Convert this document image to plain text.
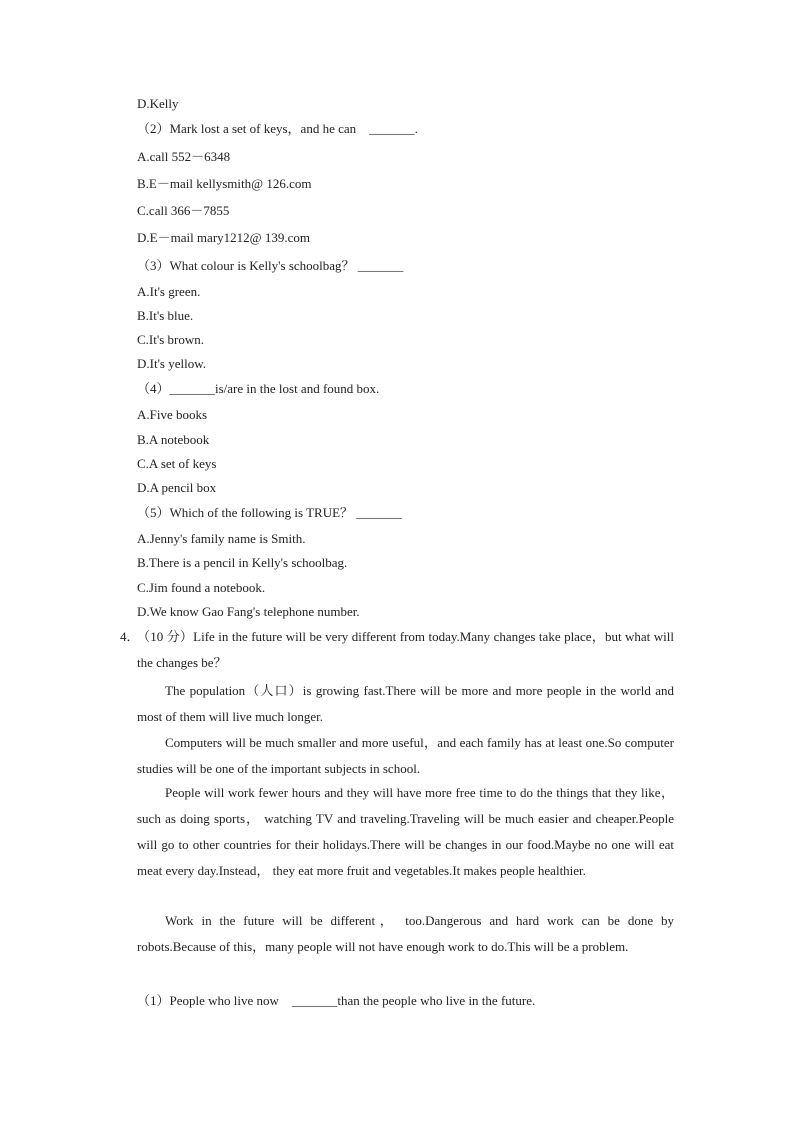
D.Kelly
（2）Mark lost a set of keys，and he can　_______.
A.call 552－6348
B.E－mail kellysmith@ 126.com
C.call 366－7855
D.E－mail mary1212@ 139.com
（3）What colour is Kelly's schoolbag？ _______
A.It's green.
B.It's blue.
C.It's brown.
D.It's yellow.
（4）_______is/are in the lost and found box.
A.Five books
B.A notebook
C.A set of keys
D.A pencil box
（5）Which of the following is TRUE？ _______
A.Jenny's family name is Smith.
B.There is a pencil in Kelly's schoolbag.
C.Jim found a notebook.
D.We know Gao Fang's telephone number.
4．
（10 分）Life in the future will be very different from today.Many changes take place，but what will the changes be？
The population（人口）is growing fast.There will be more and more people in the world and most of them will live much longer.
Computers will be much smaller and more useful，and each family has at least one.So computer studies will be one of the important subjects in school.
People will work fewer hours and they will have more free time to do the things that they like， such as doing sports， watching TV and traveling.Traveling will be much easier and cheaper.People will go to other countries for their holidays.There will be changes in our food.Maybe no one will eat meat every day.Instead， they eat more fruit and vegetables.It makes people healthier.
Work in the future will be different， too.Dangerous and hard work can be done by robots.Because of this，many people will not have enough work to do.This will be a problem.
（1）People who live now　_______than the people who live in the future.
